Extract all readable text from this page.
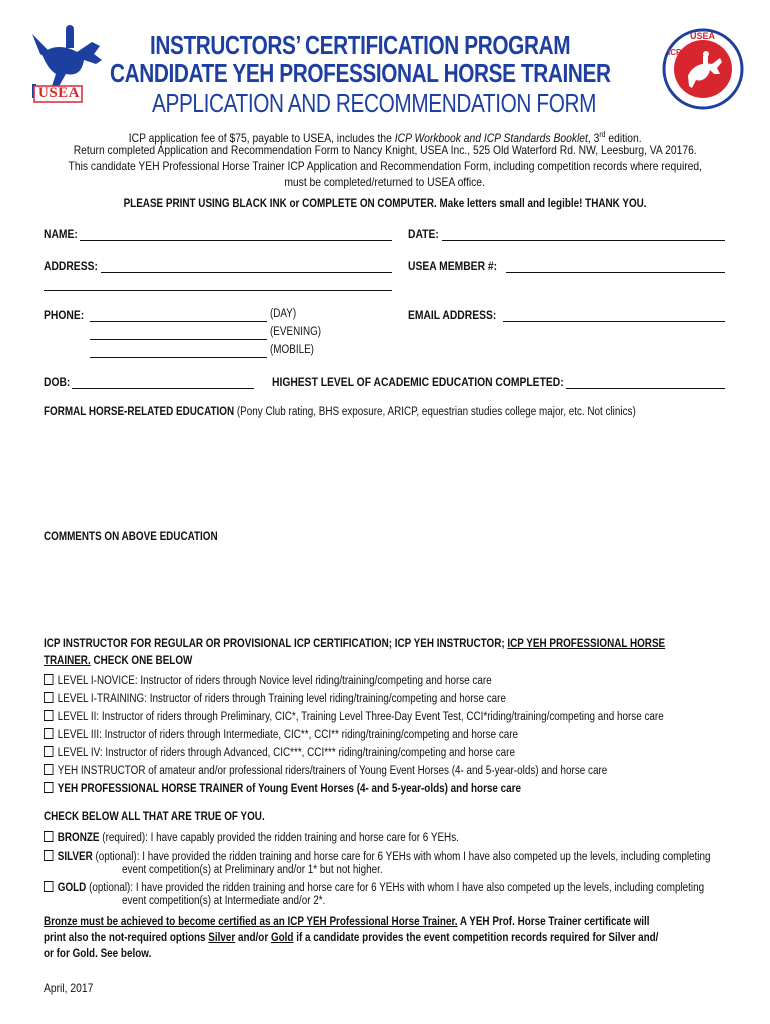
USEA
USEA
ICP
INSTRUCTORS’ CERTIFICATION PROGRAM
CANDIDATE YEH PROFESSIONAL HORSE TRAINER
APPLICATION AND RECOMMENDATION FORM
ICP application fee of $75, payable to USEA, includes the ICP Workbook and ICP Standards Booklet, 3rd edition.
Return completed Application and Recommendation Form to Nancy Knight, USEA Inc., 525 Old Waterford Rd. NW, Leesburg, VA 20176.
This candidate YEH Professional Horse Trainer ICP Application and Recommendation Form, including competition records where required,
must be completed/returned to USEA office.
PLEASE PRINT USING BLACK INK or COMPLETE ON COMPUTER. Make letters small and legible! THANK YOU.
NAME:	DATE:
ADDRESS:	USEA MEMBER #:
PHONE:	(DAY)
(EVENING)
(MOBILE)
EMAIL ADDRESS:
DOB:	HIGHEST LEVEL OF ACADEMIC EDUCATION COMPLETED:
FORMAL HORSE-RELATED EDUCATION (Pony Club rating, BHS exposure, ARICP, equestrian studies college major, etc. Not clinics)
COMMENTS ON ABOVE EDUCATION
ICP INSTRUCTOR FOR REGULAR OR PROVISIONAL ICP CERTIFICATION; ICP YEH INSTRUCTOR; ICP YEH PROFESSIONAL HORSE
TRAINER. CHECK ONE BELOW
LEVEL I-NOVICE: Instructor of riders through Novice level riding/training/competing and horse care
LEVEL I-TRAINING: Instructor of riders through Training level riding/training/competing and horse care
LEVEL II: Instructor of riders through Preliminary, CIC*, Training Level Three-Day Event Test, CCI*riding/training/competing and horse care
LEVEL III: Instructor of riders through Intermediate, CIC**, CCI** riding/training/competing and horse care
LEVEL IV: Instructor of riders through Advanced, CIC***, CCI*** riding/training/competing and horse care
YEH INSTRUCTOR of amateur and/or professional riders/trainers of Young Event Horses (4- and 5-year-olds) and horse care
YEH PROFESSIONAL HORSE TRAINER of Young Event Horses (4- and 5-year-olds) and horse care
CHECK BELOW ALL THAT ARE TRUE OF YOU.
BRONZE (required): I have capably provided the ridden training and horse care for 6 YEHs.
SILVER (optional): I have provided the ridden training and horse care for 6 YEHs with whom I have also competed up the levels, including completing
event competition(s) at Preliminary and/or 1* but not higher.
GOLD (optional): I have provided the ridden training and horse care for 6 YEHs with whom I have also competed up the levels, including completing
event competition(s) at Intermediate and/or 2*.
Bronze must be achieved to become certified as an ICP YEH Professional Horse Trainer. A YEH Prof. Horse Trainer certificate will
print also the not-required options Silver and/or Gold if a candidate provides the event competition records required for Silver and/
or for Gold. See below.
April, 2017
